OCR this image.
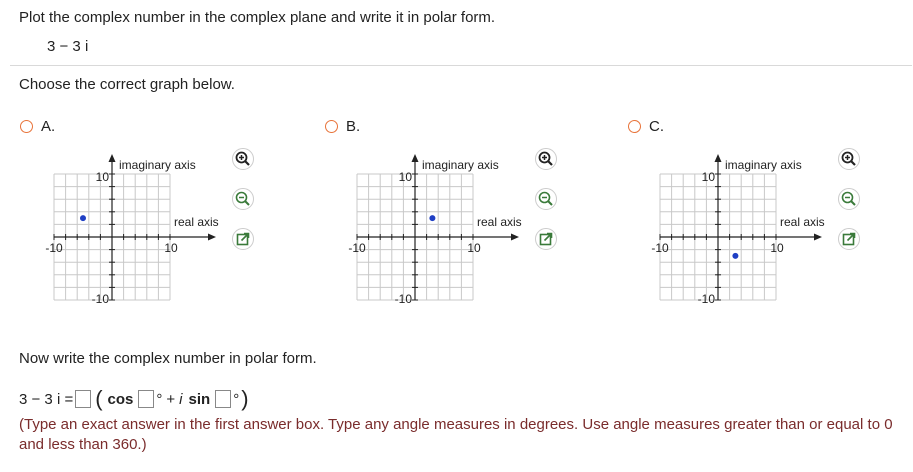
Plot the complex number in the complex plane and write it in polar form.
3 − 3 i
Choose the correct graph below.
A.
imaginary axis
real axis
10
-10
10
-10
B.
imaginary axis
real axis
10
-10
10
-10
C.
imaginary axis
real axis
10
-10
10
-10
Now write the complex number in polar form.
3 − 3 i = ( cos ° + i sin ° )
(Type an exact answer in the first answer box. Type any angle measures in degrees. Use angle measures greater than or equal to 0 and less than 360.)
